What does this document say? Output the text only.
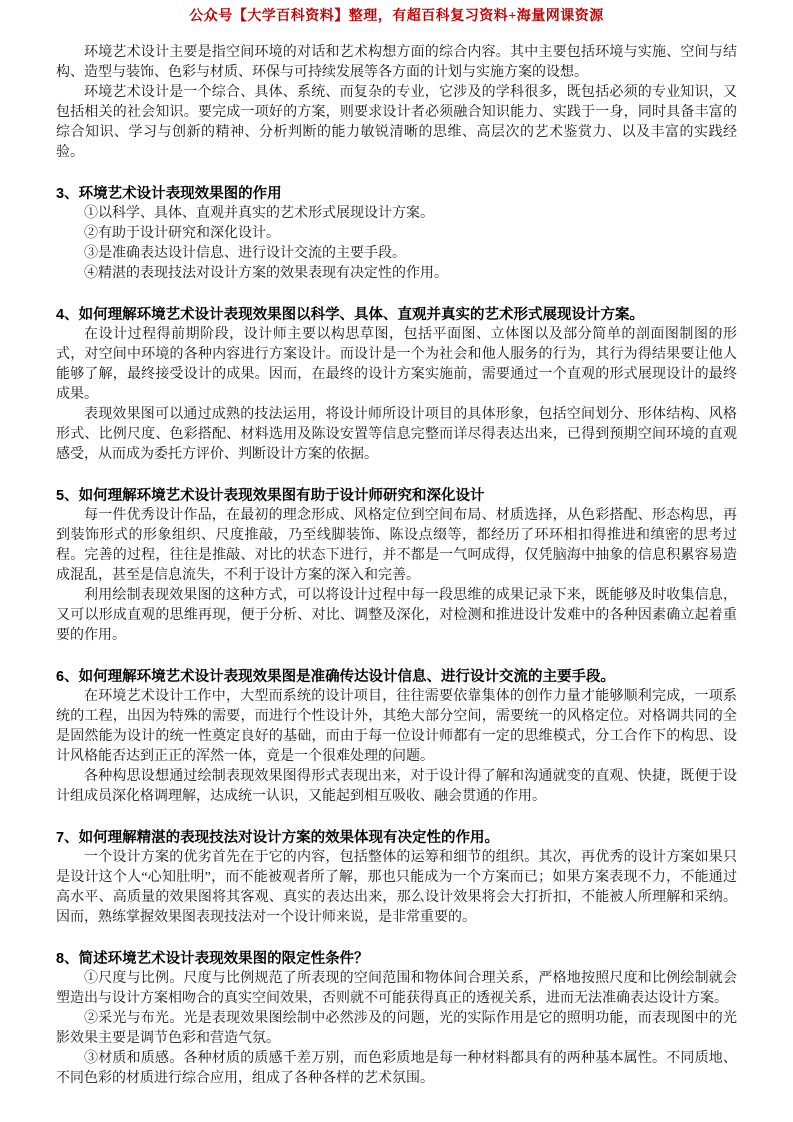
公众号【大学百科资料】整理，有超百科复习资料+海量网课资源

环境艺术设计主要是指空间环境的对话和艺术构想方面的综合内容。其中主要包括环境与实施、空间与结构、造型与装饰、色彩与材质、环保与可持续发展等各方面的计划与实施方案的设想。

环境艺术设计是一个综合、具体、系统、而复杂的专业，它涉及的学科很多，既包括必须的专业知识，又包括相关的社会知识。要完成一项好的方案，则要求设计者必须融合知识能力、实践于一身，同时具备丰富的综合知识、学习与创新的精神、分析判断的能力敏锐清晰的思维、高层次的艺术鉴赏力、以及丰富的实践经验。

3、环境艺术设计表现效果图的作用

①以科学、具体、直观并真实的艺术形式展现设计方案。

②有助于设计研究和深化设计。

③是准确表达设计信息、进行设计交流的主要手段。

④精湛的表现技法对设计方案的效果表现有决定性的作用。

4、如何理解环境艺术设计表现效果图以科学、具体、直观并真实的艺术形式展现设计方案。

在设计过程得前期阶段，设计师主要以构思草图，包括平面图、立体图以及部分简单的剖面图制图的形式，对空间中环境的各种内容进行方案设计。而设计是一个为社会和他人服务的行为，其行为得结果要让他人能够了解，最终接受设计的成果。因而，在最终的设计方案实施前，需要通过一个直观的形式展现设计的最终成果。

表现效果图可以通过成熟的技法运用，将设计师所设计项目的具体形象，包括空间划分、形体结构、风格形式、比例尺度、色彩搭配、材料选用及陈设安置等信息完整而详尽得表达出来，已得到预期空间环境的直观感受，从而成为委托方评价、判断设计方案的依据。

5、如何理解环境艺术设计表现效果图有助于设计师研究和深化设计

每一件优秀设计作品，在最初的理念形成、风格定位到空间布局、材质选择，从色彩搭配、形态构思，再到装饰形式的形象组织、尺度推敲，乃至线脚装饰、陈设点缀等，都经历了环环相扣得推进和缜密的思考过程。完善的过程，往往是推敲、对比的状态下进行，并不都是一气呵成得，仅凭脑海中抽象的信息积累容易造成混乱，甚至是信息流失，不利于设计方案的深入和完善。

利用绘制表现效果图的这种方式，可以将设计过程中每一段思维的成果记录下来，既能够及时收集信息，又可以形成直观的思维再现，便于分析、对比、调整及深化，对检测和推进设计发难中的各种因素确立起着重要的作用。

6、如何理解环境艺术设计表现效果图是准确传达设计信息、进行设计交流的主要手段。

在环境艺术设计工作中，大型而系统的设计项目，往往需要依靠集体的创作力量才能够顺利完成，一项系统的工程，出因为特殊的需要，而进行个性设计外，其绝大部分空间，需要统一的风格定位。对格调共同的全是固然能为设计的统一性奠定良好的基础，而由于每一位设计师都有一定的思维模式，分工合作下的构思、设计风格能否达到正正的浑然一体，竟是一个很难处理的问题。

各种构思设想通过绘制表现效果图得形式表现出来，对于设计得了解和沟通就变的直观、快捷，既便于设计组成员深化格调理解，达成统一认识，又能起到相互吸收、融会贯通的作用。

7、如何理解精湛的表现技法对设计方案的效果体现有决定性的作用。

一个设计方案的优劣首先在于它的内容，包括整体的运筹和细节的组织。其次，再优秀的设计方案如果只是设计这个人“心知肚明”，而不能被观者所了解，那也只能成为一个方案而已；如果方案表现不力，不能通过高水平、高质量的效果图将其客观、真实的表达出来，那么设计效果将会大打折扣，不能被人所理解和采纳。因而，熟练掌握效果图表现技法对一个设计师来说，是非常重要的。

8、简述环境艺术设计表现效果图的限定性条件？

①尺度与比例。尺度与比例规范了所表现的空间范围和物体间合理关系，严格地按照尺度和比例绘制就会塑造出与设计方案相吻合的真实空间效果，否则就不可能获得真正的透视关系，进而无法准确表达设计方案。

②采光与布光。光是表现效果图绘制中必然涉及的问题，光的实际作用是它的照明功能，而表现图中的光影效果主要是调节色彩和营造气氛。

③材质和质感。各种材质的质感千差万别，而色彩质地是每一种材料都具有的两种基本属性。不同质地、不同色彩的材质进行综合应用，组成了各种各样的艺术氛围。
